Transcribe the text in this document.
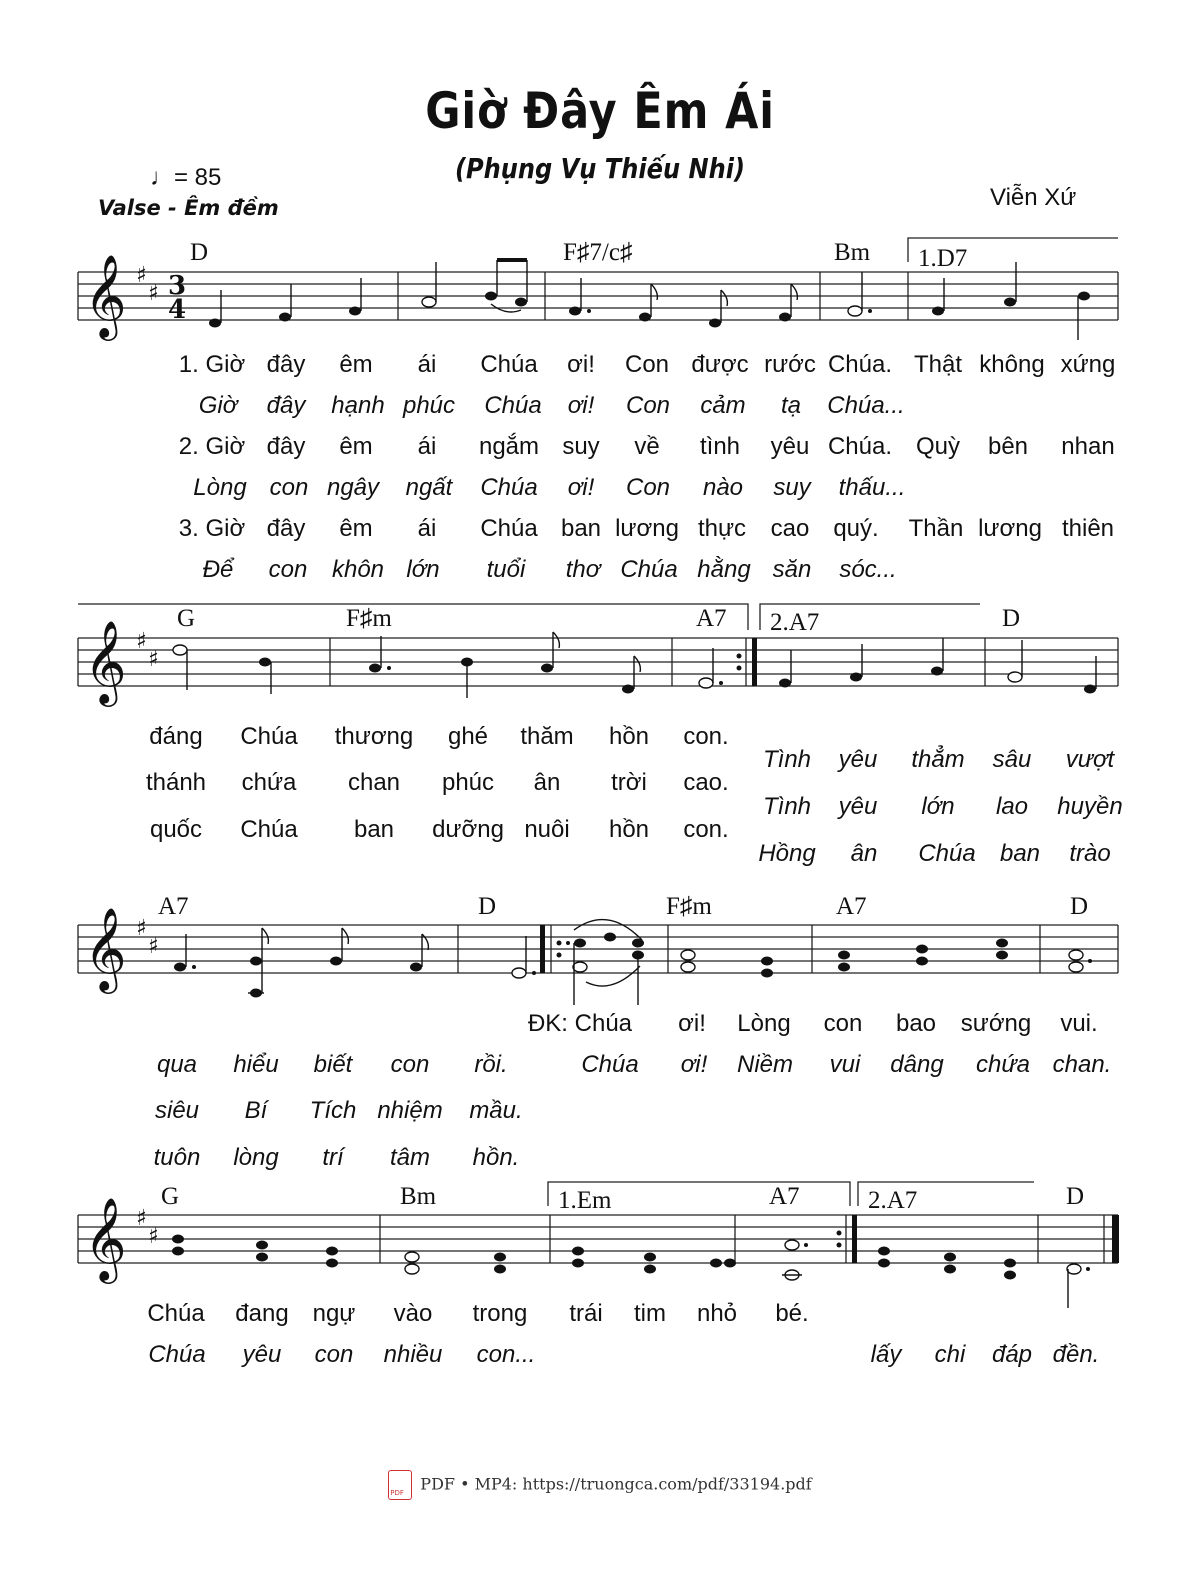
Giờ Đây Êm Ái
(Phụng Vụ Thiếu Nhi)
♩= 85
Valse - Êm đềm	Viễn Xứ
𝄞
𝄞
𝄞
𝄞
♯
♯
♯
♯
♯
♯
♯
♯
3
4
D	F♯7/c♯	Bm 1.D7
G	F♯m	A7 2.A7	D
A7	D	F♯m	A7	D
G	Bm	1.Em	A7	2.A7	D
1. Giờ đây êm ái Chúa ơi! Con được rước Chúa. Thật không xứng
2. Giờ đây êm ái ngắm suy về tình yêu Chúa. Quỳ bên nhan
3. Giờ đây êm ái Chúa ban lương thực cao quý. Thần lương thiên
Giờ đây hạnh phúc Chúa ơi! Con cảm tạ Chúa...
Lòng con ngây ngất Chúa ơi! Con nào suy thấu...
Để con khôn lớn tuổi thơ Chúa hằng săn sóc...
đáng Chúa thương ghé thăm hồn con.
thánh chứa chan phúc ân trời cao.
quốc Chúa ban dưỡng nuôi hồn con.
Tình yêu thẳm sâu vượt
Tình yêu lớn lao huyền
Hồng ân Chúa ban trào
ĐK: Chúa ơi! Lòng con bao sướng vui.
qua hiểu biết con rồi.	Chúa ơi! Niềm vui dâng chứa chan.
siêu Bí Tích nhiệm mầu.
tuôn lòng trí tâm hồn.
Chúa đang ngự vào trong trái tim nhỏ bé.
Chúa yêu con nhiều con...	lấy chi đáp đền.
PDFPDF • MP4: https://truongca.com/pdf/33194.pdf
